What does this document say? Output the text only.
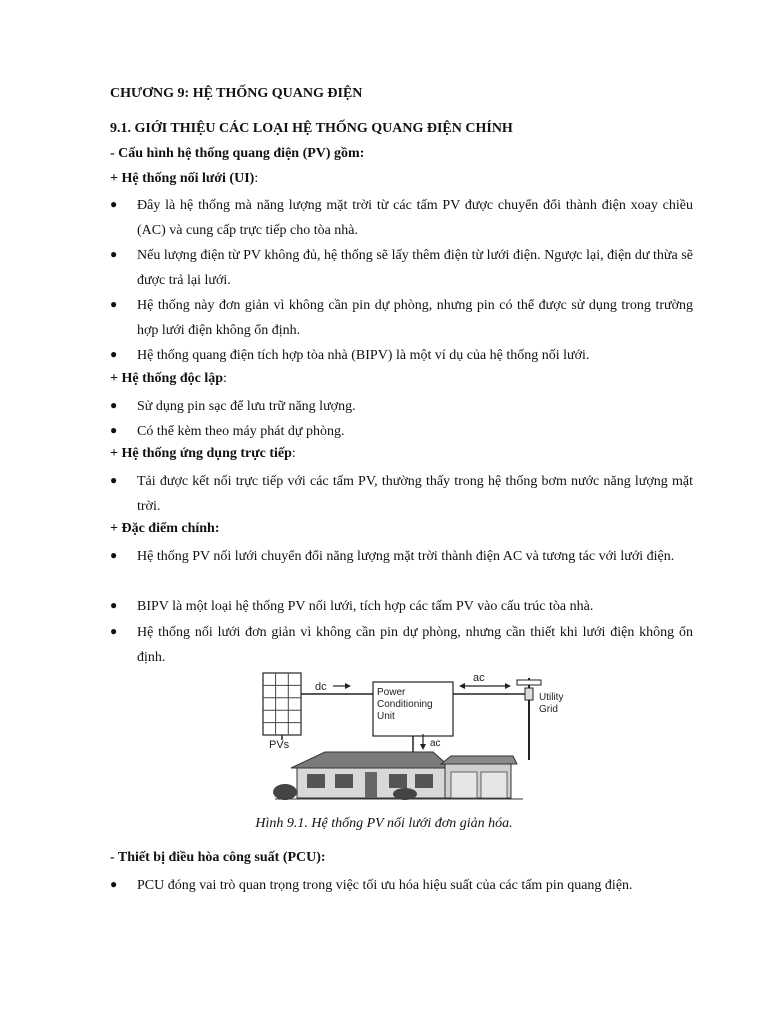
CHƯƠNG 9: HỆ THỐNG QUANG ĐIỆN
9.1. GIỚI THIỆU CÁC LOẠI HỆ THỐNG QUANG ĐIỆN CHÍNH
- Cấu hình hệ thống quang điện (PV) gồm:
+ Hệ thống nối lưới (UI):
● Đây là hệ thống mà năng lượng mặt trời từ các tấm PV được chuyển đổi thành điện xoay chiều (AC) và cung cấp trực tiếp cho tòa nhà.
● Nếu lượng điện từ PV không đủ, hệ thống sẽ lấy thêm điện từ lưới điện. Ngược lại, điện dư thừa sẽ được trả lại lưới.
● Hệ thống này đơn giản vì không cần pin dự phòng, nhưng pin có thể được sử dụng trong trường hợp lưới điện không ổn định.
● Hệ thống quang điện tích hợp tòa nhà (BIPV) là một ví dụ của hệ thống nối lưới.
+ Hệ thống độc lập:
● Sử dụng pin sạc để lưu trữ năng lượng.
● Có thể kèm theo máy phát dự phòng.
+ Hệ thống ứng dụng trực tiếp:
● Tải được kết nối trực tiếp với các tấm PV, thường thấy trong hệ thống bơm nước năng lượng mặt trời.
+ Đặc điểm chính:
● Hệ thống PV nối lưới chuyển đổi năng lượng mặt trời thành điện AC và tương tác với lưới điện.
● BIPV là một loại hệ thống PV nối lưới, tích hợp các tấm PV vào cấu trúc tòa nhà.
● Hệ thống nối lưới đơn giản vì không cần pin dự phòng, nhưng cần thiết khi lưới điện không ổn định.
PVs
dc	Power
Conditioning
Unit
ac
Utility
Grid
ac
Hình 9.1. Hệ thống PV nối lưới đơn giản hóa.
- Thiết bị điều hòa công suất (PCU):
● PCU đóng vai trò quan trọng trong việc tối ưu hóa hiệu suất của các tấm pin quang điện.
